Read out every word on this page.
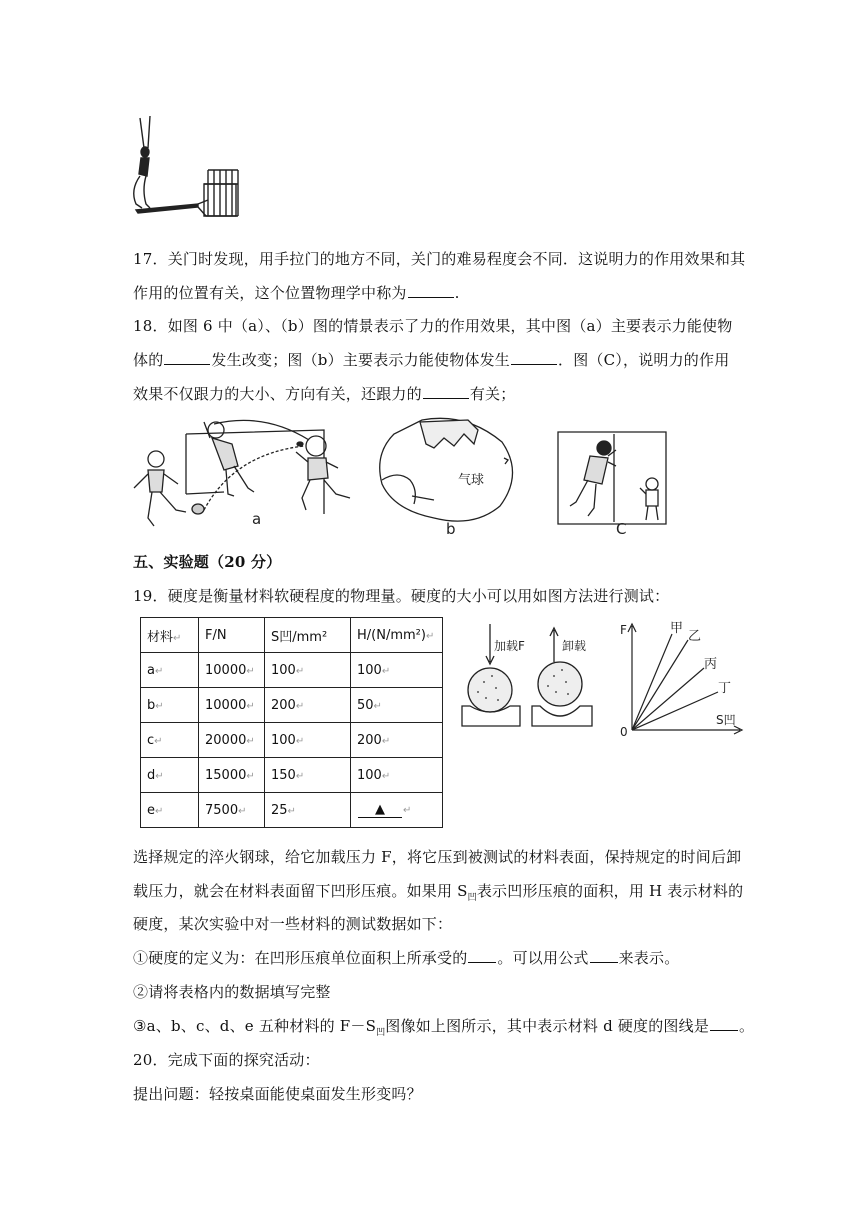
17．关门时发现，用手拉门的地方不同，关门的难易程度会不同．这说明力的作用效果和其
作用的位置有关，这个位置物理学中称为	.
18．如图 6 中（a）、（b）图的情景表示了力的作用效果，其中图（a）主要表示力能使物
体的	发生改变；图（b）主要表示力能使物体发生	．图（C），说明力的作用
效果不仅跟力的大小、方向有关，还跟力的	有关；
a
气球
b	C
五、实验题（20 分）
19．硬度是衡量材料软硬程度的物理量。硬度的大小可以用如图方法进行测试：
材料↵	F/N	S凹/mm²	H/(N/mm²)↵
a↵	10000↵	100↵	100↵
b↵	10000↵	200↵	50↵
c↵	20000↵	100↵	200↵
d↵	15000↵	150↵	100↵
e↵	7500↵	25↵	▲ ↵
加载F	卸载
F
0
S凹
甲
乙
丙
丁
选择规定的淬火钢球，给它加载压力 F，将它压到被测试的材料表面，保持规定的时间后卸
载压力，就会在材料表面留下凹形压痕。如果用 $S_凹$表示凹形压痕的面积，用 H 表示材料的
硬度，某次实验中对一些材料的测试数据如下：
①硬度的定义为：在凹形压痕单位面积上所承受的 。可以用公式 来表示。
②请将表格内的数据填写完整
③a、b、c、d、e 五种材料的 $F-S_凹$图像如上图所示，其中表示材料 d 硬度的图线是 。
20．完成下面的探究活动：
提出问题：轻按桌面能使桌面发生形变吗？
